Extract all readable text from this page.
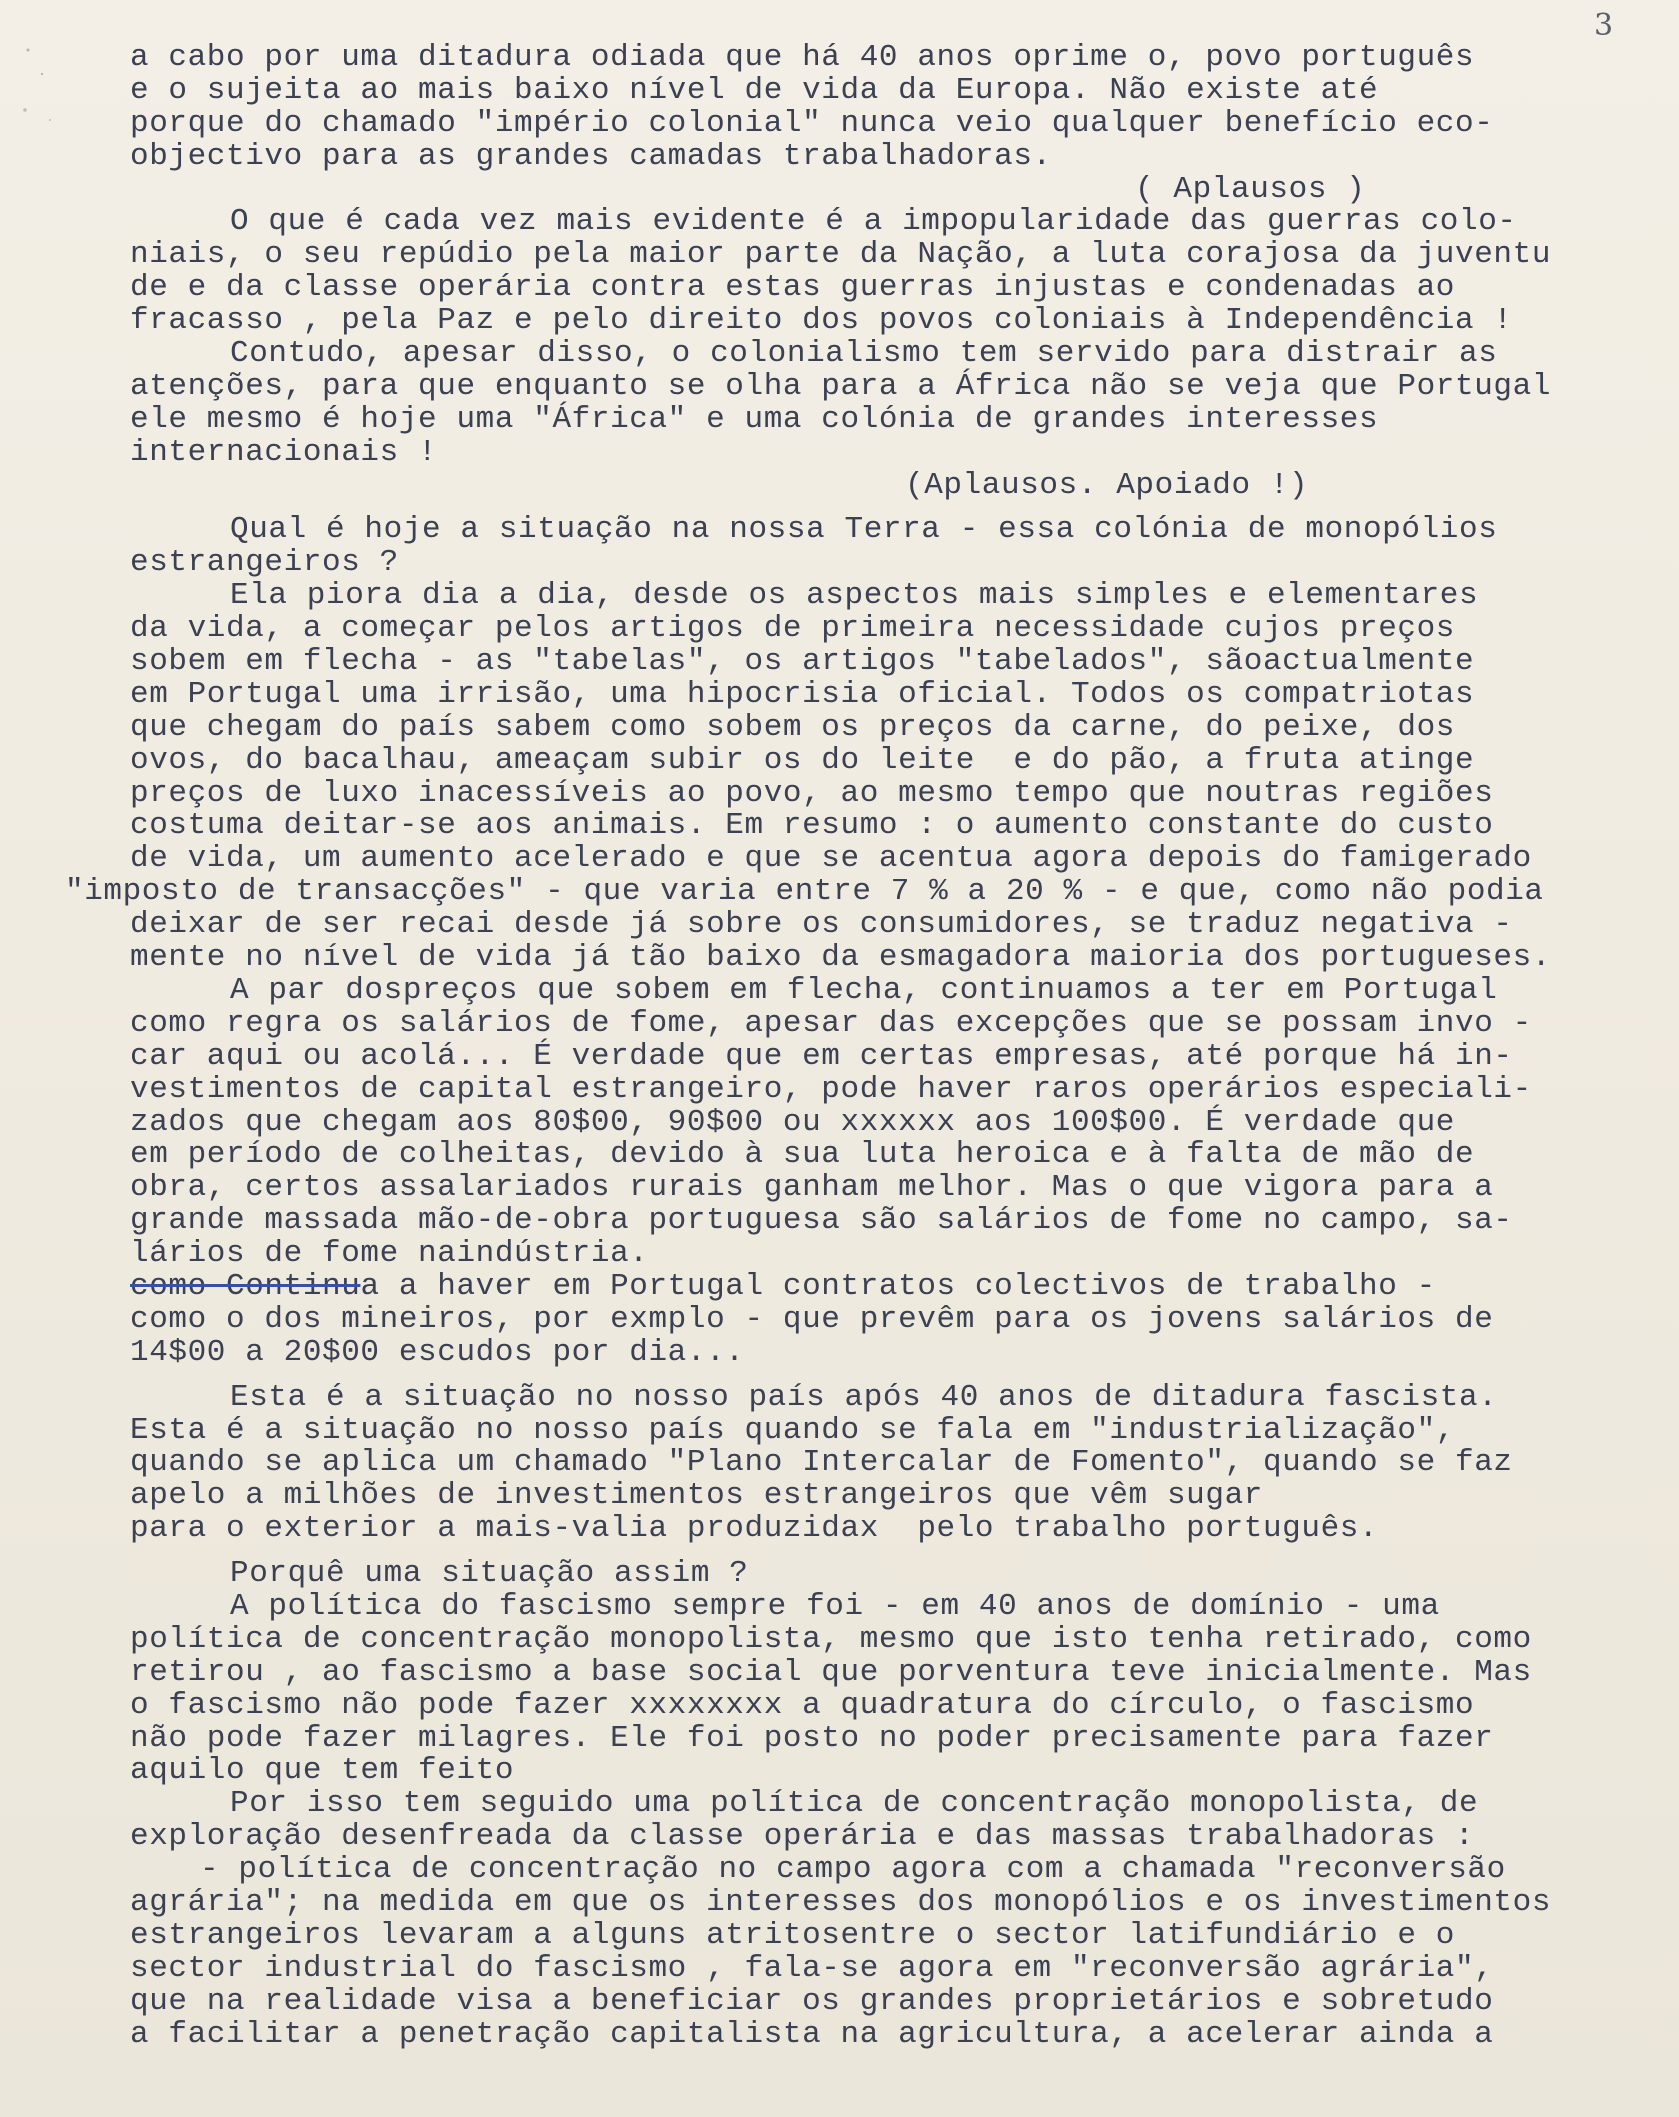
3
a cabo por uma ditadura odiada que há 40 anos oprime o, povo português
e o sujeita ao mais baixo nível de vida da Europa. Não existe até
porque do chamado "império colonial" nunca veio qualquer benefício eco-
objectivo para as grandes camadas trabalhadoras.
( Aplausos )
O que é cada vez mais evidente é a impopularidade das guerras colo-
niais, o seu repúdio pela maior parte da Nação, a luta corajosa da juventu
de e da classe operária contra estas guerras injustas e condenadas ao
fracasso , pela Paz e pelo direito dos povos coloniais à Independência !
Contudo, apesar disso, o colonialismo tem servido para distrair as
atenções, para que enquanto se olha para a África não se veja que Portugal
ele mesmo é hoje uma "África" e uma colónia de grandes interesses
internacionais !
(Aplausos. Apoiado !)
Qual é hoje a situação na nossa Terra - essa colónia de monopólios
estrangeiros ?
Ela piora dia a dia, desde os aspectos mais simples e elementares
da vida, a começar pelos artigos de primeira necessidade cujos preços
sobem em flecha - as "tabelas", os artigos "tabelados", sãoactualmente
em Portugal uma irrisão, uma hipocrisia oficial. Todos os compatriotas
que chegam do país sabem como sobem os preços da carne, do peixe, dos
ovos, do bacalhau, ameaçam subir os do leite  e do pão, a fruta atinge
preços de luxo inacessíveis ao povo, ao mesmo tempo que noutras regiões
costuma deitar-se aos animais. Em resumo : o aumento constante do custo
de vida, um aumento acelerado e que se acentua agora depois do famigerado
"imposto de transacções" - que varia entre 7 % a 20 % - e que, como não podia
deixar de ser recai desde já sobre os consumidores, se traduz negativa -
mente no nível de vida já tão baixo da esmagadora maioria dos portugueses.
A par dospreços que sobem em flecha, continuamos a ter em Portugal
como regra os salários de fome, apesar das excepções que se possam invo -
car aqui ou acolá... É verdade que em certas empresas, até porque há in-
vestimentos de capital estrangeiro, pode haver raros operários especiali-
zados que chegam aos 80$00, 90$00 ou xxxxxx aos 100$00. É verdade que
em período de colheitas, devido à sua luta heroica e à falta de mão de
obra, certos assalariados rurais ganham melhor. Mas o que vigora para a
grande massada mão-de-obra portuguesa são salários de fome no campo, sa-
lários de fome naindústria.
como Continua a haver em Portugal contratos colectivos de trabalho -
como o dos mineiros, por exmplo - que prevêm para os jovens salários de
14$00 a 20$00 escudos por dia...
Esta é a situação no nosso país após 40 anos de ditadura fascista.
Esta é a situação no nosso país quando se fala em "industrialização",
quando se aplica um chamado "Plano Intercalar de Fomento", quando se faz
apelo a milhões de investimentos estrangeiros que vêm sugar
para o exterior a mais-valia produzidax  pelo trabalho português.
Porquê uma situação assim ?
A política do fascismo sempre foi - em 40 anos de domínio - uma
política de concentração monopolista, mesmo que isto tenha retirado, como
retirou , ao fascismo a base social que porventura teve inicialmente. Mas
o fascismo não pode fazer xxxxxxxx a quadratura do círculo, o fascismo
não pode fazer milagres. Ele foi posto no poder precisamente para fazer
aquilo que tem feito
Por isso tem seguido uma política de concentração monopolista, de
exploração desenfreada da classe operária e das massas trabalhadoras :
- política de concentração no campo agora com a chamada "reconversão
agrária"; na medida em que os interesses dos monopólios e os investimentos
estrangeiros levaram a alguns atritosentre o sector latifundiário e o
sector industrial do fascismo , fala-se agora em "reconversão agrária",
que na realidade visa a beneficiar os grandes proprietários e sobretudo
a facilitar a penetração capitalista na agricultura, a acelerar ainda a
